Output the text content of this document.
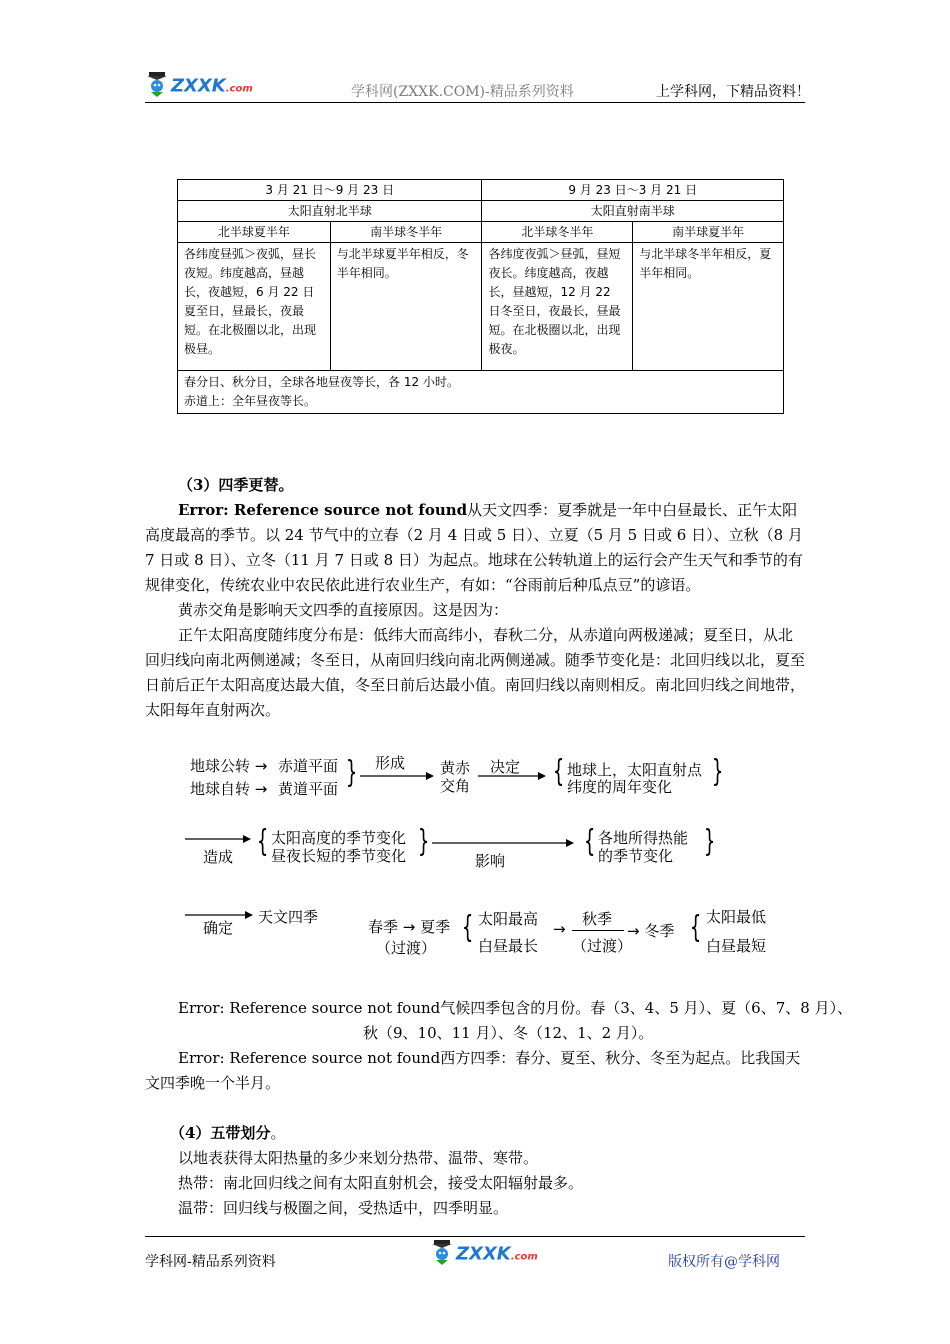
ZXXK.com	学科网(ZXXK.COM)-精品系列资料	上学科网，下精品资料！
3 月 21 日～9 月 23 日		9 月 23 日～3 月 21 日	
太阳直射北半球		太阳直射南半球	
北半球夏半年	南半球冬半年	北半球冬半年	南半球夏半年
各纬度昼弧＞夜弧，昼长夜短。纬度越高，昼越长，夜越短，6 月 22 日夏至日，昼最长，夜最短。在北极圈以北，出现极昼。	与北半球夏半年相反，冬半年相同。	各纬度夜弧＞昼弧，昼短夜长。纬度越高，夜越长，昼越短，12 月 22 日冬至日，夜最长，昼最短。在北极圈以北，出现极夜。	与北半球冬半年相反，夏半年相同。

春分日、秋分日，全球各地昼夜等长，各 12 小时。
赤道上：全年昼夜等长。			
（3）四季更替。
Error: Reference source not found从天文四季：夏季就是一年中白昼最长、正午太阳高度最高的季节。以 24 节气中的立春（2 月 4 日或 5 日）、立夏（5 月 5 日或 6 日）、立秋（8 月 7 日或 8 日）、立冬（11 月 7 日或 8 日）为起点。地球在公转轨道上的运行会产生天气和季节的有规律变化，传统农业中农民依此进行农业生产，有如：“谷雨前后种瓜点豆”的谚语。
黄赤交角是影响天文四季的直接原因。这是因为：
正午太阳高度随纬度分布是：低纬大而高纬小，春秋二分，从赤道向两极递减；夏至日，从北回归线向南北两侧递减；冬至日，从南回归线向南北两侧递减。随季节变化是：北回归线以北，夏至日前后正午太阳高度达最大值，冬至日前后达最小值。南回归线以南则相反。南北回归线之间地带，太阳每年直射两次。
地球公转 → 赤道平面
地球自转 → 黄道平面 } 形成 黄赤
交角
决定 { 地球上，太阳直射点
纬度的周年变化 }
造成 { 太阳高度的季节变化
昼夜长短的季节变化 }
影响
{ 各地所得热能
的季节变化 }
确定
天文四季
春季 → 夏季
（过渡）
{ 太阳最高
白昼最长
→
秋季
（过渡）
→ 冬季 { 太阳最低
白昼最短
Error: Reference source not found气候四季包含的月份。春（3、4、5 月）、夏（6、7、8 月）、
秋（9、10、11 月）、冬（12、1、2 月）。
Error: Reference source not found西方四季：春分、夏至、秋分、冬至为起点。比我国天文四季晚一个半月。
（4）五带划分。
以地表获得太阳热量的多少来划分热带、温带、寒带。
热带：南北回归线之间有太阳直射机会，接受太阳辐射最多。
温带：回归线与极圈之间，受热适中，四季明显。
学科网-精品系列资料	ZXXK.com	版权所有@学科网
